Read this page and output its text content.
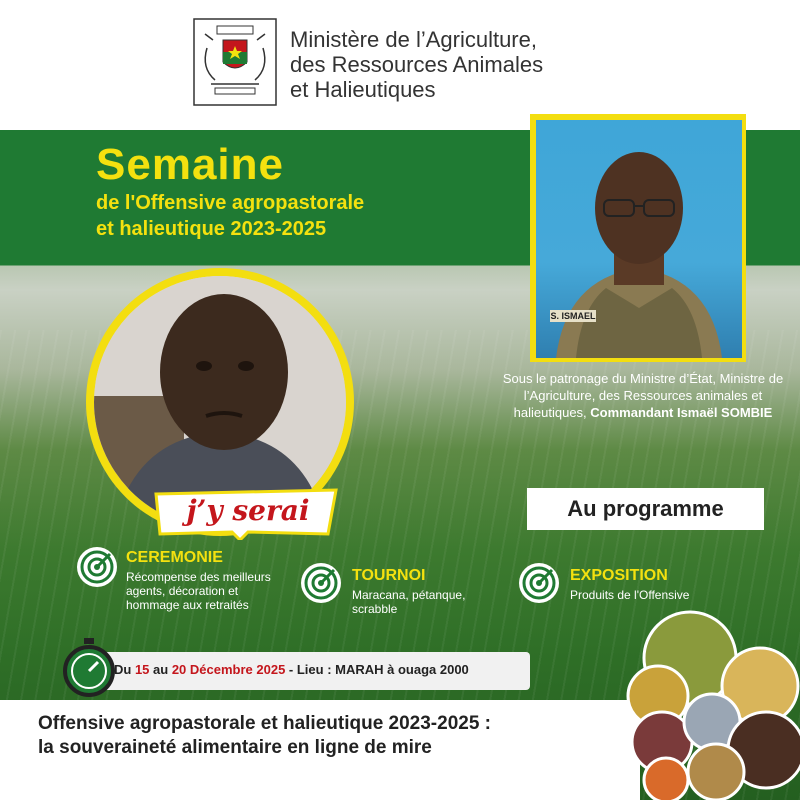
Ministère de l’Agriculture,
des Ressources Animales
et Halieutiques
Semaine
de l'Offensive agropastorale
et halieutique 2023-2025
S. ISMAEL
Sous le patronage du Ministre d’État, Ministre de l’Agriculture, des Ressources animales et halieutiques, Commandant Ismaël SOMBIE
j’y serai	Au programme
CEREMONIE
Récompense des meilleurs
agents, décoration et
hommage aux retraités
TOURNOI
Maracana, pétanque,
scrabble
EXPOSITION
Produits de l'Offensive
Du 15 au 20 Décembre 2025 - Lieu : MARAH à ouaga 2000
Offensive agropastorale et halieutique 2023-2025 :
la souveraineté alimentaire en ligne de mire
